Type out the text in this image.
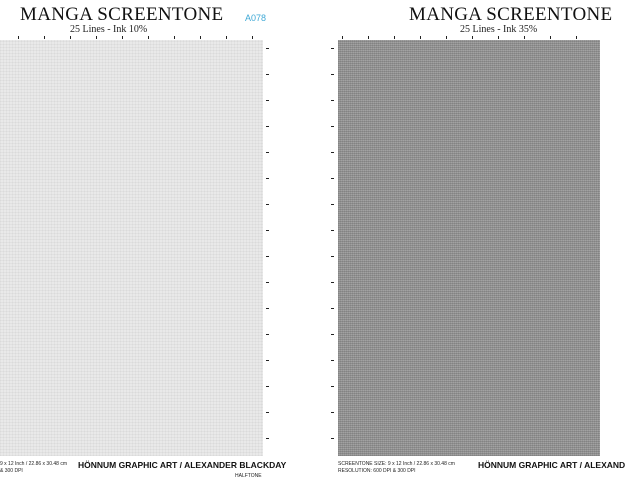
MANGA SCREENTONE
25 Lines - Ink 10%
A078
9 x 12 Inch / 22.86 x 30.48 cm
& 300 DPI
HÖNNUM GRAPHIC ART / ALEXANDER BLACKDAY
HALFTONE
MANGA SCREENTONE
25 Lines - Ink 35%
SCREENTONE SIZE: 9 x 12 Inch / 22.86 x 30.48 cm
RESOLUTION: 600 DPI & 300 DPI
HÖNNUM GRAPHIC ART / ALEXAND
